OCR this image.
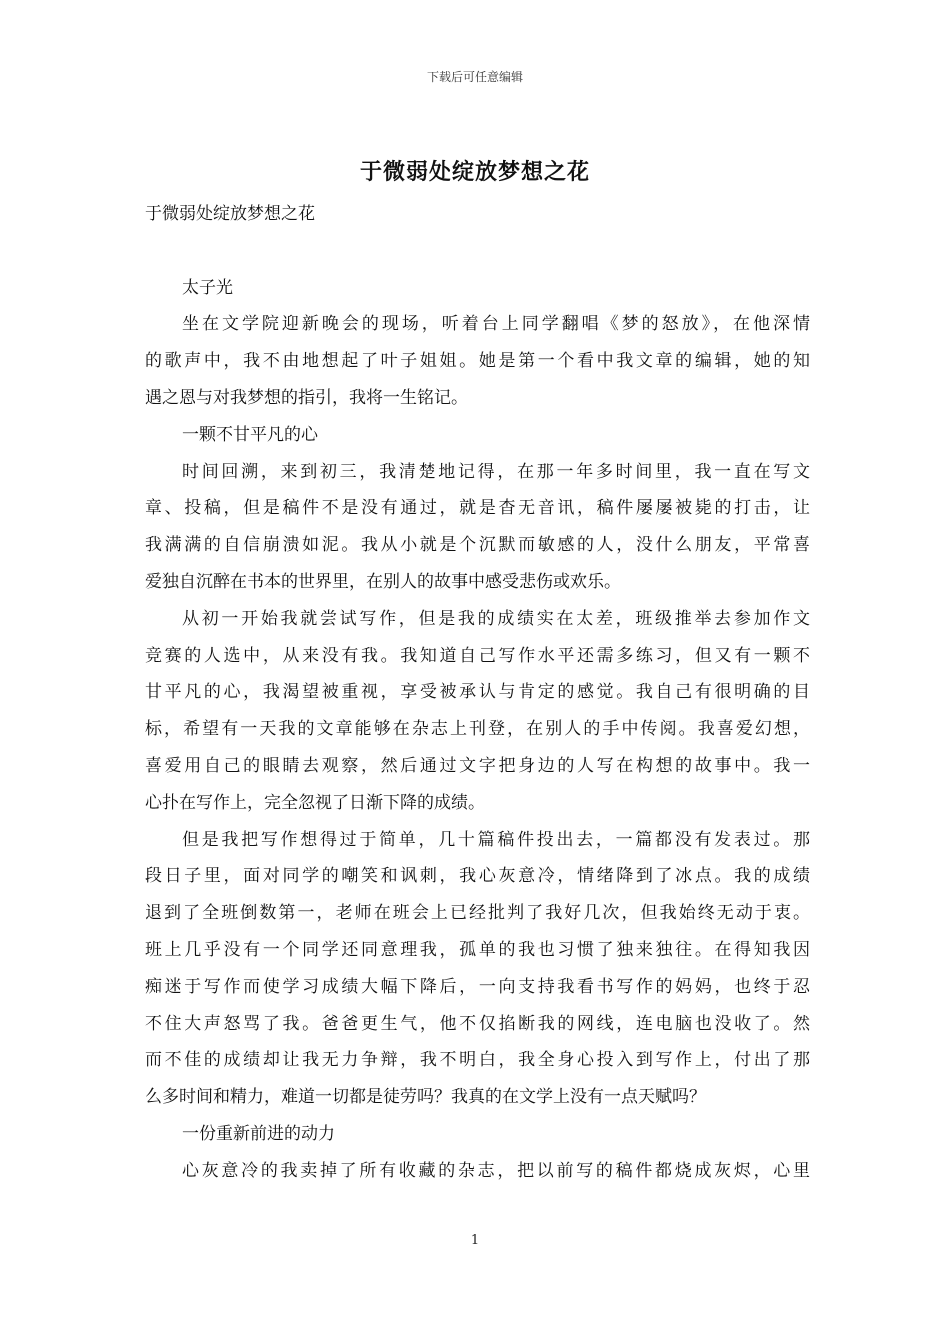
下载后可任意编辑
于微弱处绽放梦想之花
于微弱处绽放梦想之花
太子光
坐在文学院迎新晚会的现场，听着台上同学翻唱《梦的怒放》，在他深情
的歌声中，我不由地想起了叶子姐姐。她是第一个看中我文章的编辑，她的知
遇之恩与对我梦想的指引，我将一生铭记。
一颗不甘平凡的心
时间回溯，来到初三，我清楚地记得，在那一年多时间里，我一直在写文
章、投稿，但是稿件不是没有通过，就是杳无音讯，稿件屡屡被毙的打击，让
我满满的自信崩溃如泥。我从小就是个沉默而敏感的人，没什么朋友，平常喜
爱独自沉醉在书本的世界里，在别人的故事中感受悲伤或欢乐。
从初一开始我就尝试写作，但是我的成绩实在太差，班级推举去参加作文
竞赛的人选中，从来没有我。我知道自己写作水平还需多练习，但又有一颗不
甘平凡的心，我渴望被重视，享受被承认与肯定的感觉。我自己有很明确的目
标，希望有一天我的文章能够在杂志上刊登，在别人的手中传阅。我喜爱幻想，
喜爱用自己的眼睛去观察，然后通过文字把身边的人写在构想的故事中。我一
心扑在写作上，完全忽视了日渐下降的成绩。
但是我把写作想得过于简单，几十篇稿件投出去，一篇都没有发表过。那
段日子里，面对同学的嘲笑和讽刺，我心灰意冷，情绪降到了冰点。我的成绩
退到了全班倒数第一，老师在班会上已经批判了我好几次，但我始终无动于衷。
班上几乎没有一个同学还同意理我，孤单的我也习惯了独来独往。在得知我因
痴迷于写作而使学习成绩大幅下降后，一向支持我看书写作的妈妈，也终于忍
不住大声怒骂了我。爸爸更生气，他不仅掐断我的网线，连电脑也没收了。然
而不佳的成绩却让我无力争辩，我不明白，我全身心投入到写作上，付出了那
么多时间和精力，难道一切都是徒劳吗？我真的在文学上没有一点天赋吗？
一份重新前进的动力
心灰意冷的我卖掉了所有收藏的杂志，把以前写的稿件都烧成灰烬，心里
1
